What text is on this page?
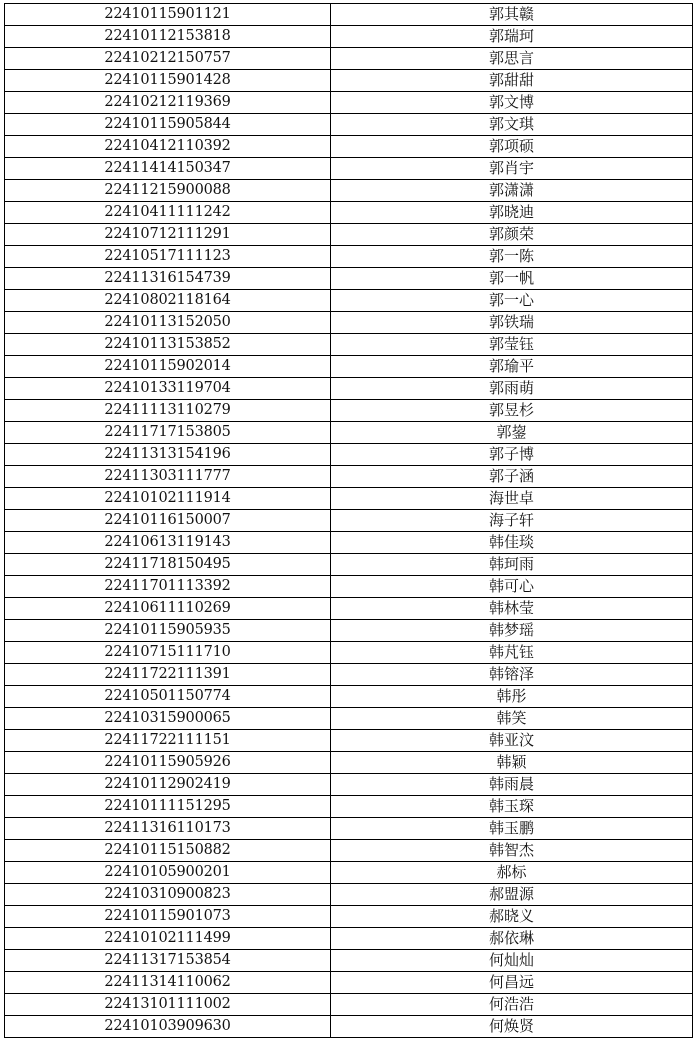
22410115901121	郭其赣
22410112153818	郭瑞珂
22410212150757	郭思言
22410115901428	郭甜甜
22410212119369	郭文博
22410115905844	郭文琪
22410412110392	郭项硕
22411414150347	郭肖宇
22411215900088	郭潇潇
22410411111242	郭晓迪
22410712111291	郭颜荣
22410517111123	郭一陈
22411316154739	郭一帆
22410802118164	郭一心
22410113152050	郭铁瑞
22410113153852	郭莹钰
22410115902014	郭瑜平
22410133119704	郭雨萌
22411113110279	郭昱杉
22411717153805	郭鋆
22411313154196	郭子博
22411303111777	郭子涵
22410102111914	海世卓
22410116150007	海子轩
22410613119143	韩佳琰
22411718150495	韩珂雨
22411701113392	韩可心
22410611110269	韩林莹
22410115905935	韩梦瑶
22410715111710	韩芃钰
22411722111391	韩镕泽
22410501150774	韩彤
22410315900065	韩笑
22411722111151	韩亚汶
22410115905926	韩颖
22410112902419	韩雨晨
22410111151295	韩玉琛
22411316110173	韩玉鹏
22410115150882	韩智杰
22410105900201	郝标
22410310900823	郝盟源
22410115901073	郝晓义
22410102111499	郝依琳
22411317153854	何灿灿
22411314110062	何昌远
22413101111002	何浩浩
22410103909630	何焕贤
